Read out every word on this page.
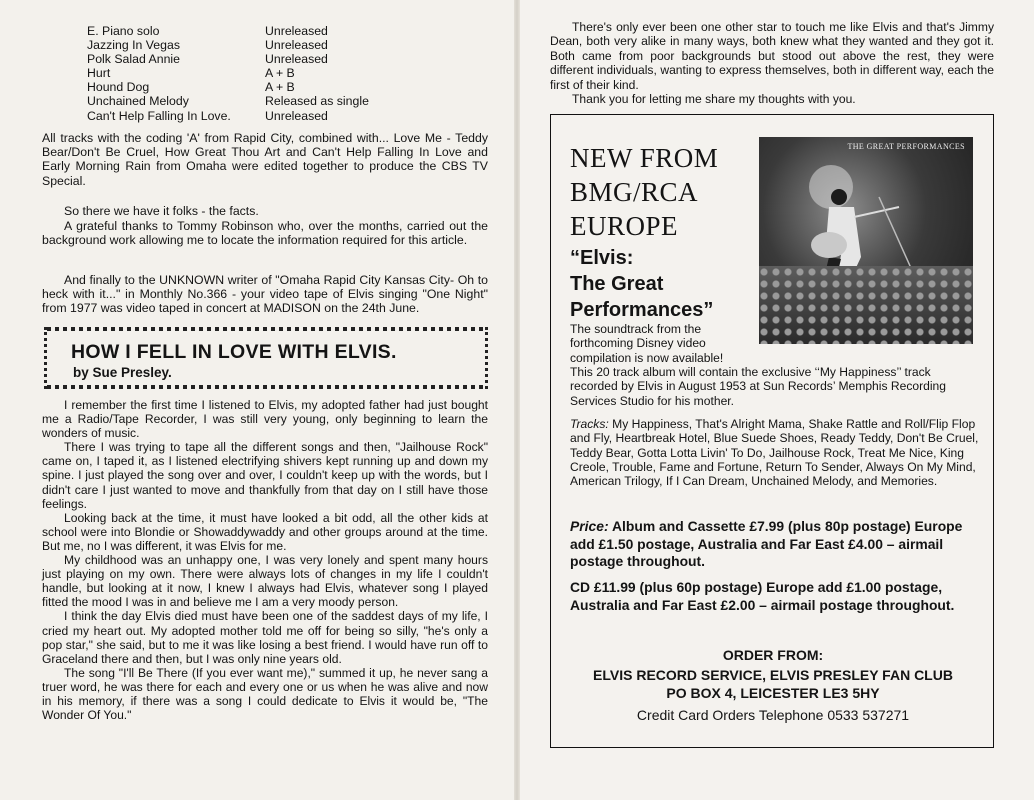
E. Piano solo	Unreleased
Jazzing In Vegas	Unreleased
Polk Salad Annie	Unreleased
Hurt	A + B
Hound Dog	A + B
Unchained Melody	Released as single
Can't Help Falling In Love.	Unreleased

All tracks with the coding 'A' from Rapid City, combined with... Love Me - Teddy Bear/Don't Be Cruel, How Great Thou Art and Can't Help Falling In Love and Early Morning Rain from Omaha were edited together to produce the CBS TV Special.

So there we have it folks - the facts.

A grateful thanks to Tommy Robinson who, over the months, carried out the background work allowing me to locate the information required for this article.

And finally to the UNKNOWN writer of "Omaha Rapid City Kansas City- Oh to heck with it..." in Monthly No.366 - your video tape of Elvis singing "One Night" from 1977 was video taped in concert at MADISON on the 24th June.

HOW I FELL IN LOVE WITH ELVIS.
by Sue Presley.

I remember the first time I listened to Elvis, my adopted father had just bought me a Radio/Tape Recorder, I was still very young, only beginning to learn the wonders of music.

There I was trying to tape all the different songs and then, "Jailhouse Rock" came on, I taped it, as I listened electrifying shivers kept running up and down my spine. I just played the song over and over, I couldn't keep up with the words, but I didn't care I just wanted to move and thankfully from that day on I still have those feelings.

Looking back at the time, it must have looked a bit odd, all the other kids at school were into Blondie or Showaddywaddy and other groups around at the time. But me, no I was different, it was Elvis for me.

My childhood was an unhappy one, I was very lonely and spent many hours just playing on my own. There were always lots of changes in my life I couldn't handle, but looking at it now, I knew I always had Elvis, whatever song I played fitted the mood I was in and believe me I am a very moody person.

I think the day Elvis died must have been one of the saddest days of my life, I cried my heart out. My adopted mother told me off for being so silly, "he's only a pop star," she said, but to me it was like losing a best friend. I would have run off to Graceland there and then, but I was only nine years old.

The song "I'll Be There (If you ever want me)," summed it up, he never sang a truer word, he was there for each and every one or us when he was alive and now in his memory, if there was a song I could dedicate to Elvis it would be, "The Wonder Of You."

There's only ever been one other star to touch me like Elvis and that's Jimmy Dean, both very alike in many ways, both knew what they wanted and they got it. Both came from poor backgrounds but stood out above the rest, they were different individuals, wanting to express themselves, both in different way, each the first of their kind.

Thank you for letting me share my thoughts with you.

NEW FROM
BMG/RCA
EUROPE
THE GREAT PERFORMANCES
“Elvis:
The Great
Performances”

The soundtrack from the forthcoming Disney video compilation is now available!

This 20 track album will contain the exclusive ‘‘My Happiness’’ track recorded by Elvis in August 1953 at Sun Records’ Memphis Recording Services Studio for his mother.

Tracks: My Happiness, That's Alright Mama, Shake Rattle and Roll/Flip Flop and Fly, Heartbreak Hotel, Blue Suede Shoes, Ready Teddy, Don't Be Cruel, Teddy Bear, Gotta Lotta Livin' To Do, Jailhouse Rock, Treat Me Nice, King Creole, Trouble, Fame and Fortune, Return To Sender, Always On My Mind, American Trilogy, If I Can Dream, Unchained Melody, and Memories.

Price: Album and Cassette £7.99 (plus 80p postage) Europe add £1.50 postage, Australia and Far East £4.00 – airmail postage throughout.

CD £11.99 (plus 60p postage) Europe add £1.00 postage, Australia and Far East £2.00 – airmail postage throughout.

ORDER FROM:
ELVIS RECORD SERVICE, ELVIS PRESLEY FAN CLUB
PO BOX 4, LEICESTER LE3 5HY
Credit Card Orders Telephone 0533 537271
